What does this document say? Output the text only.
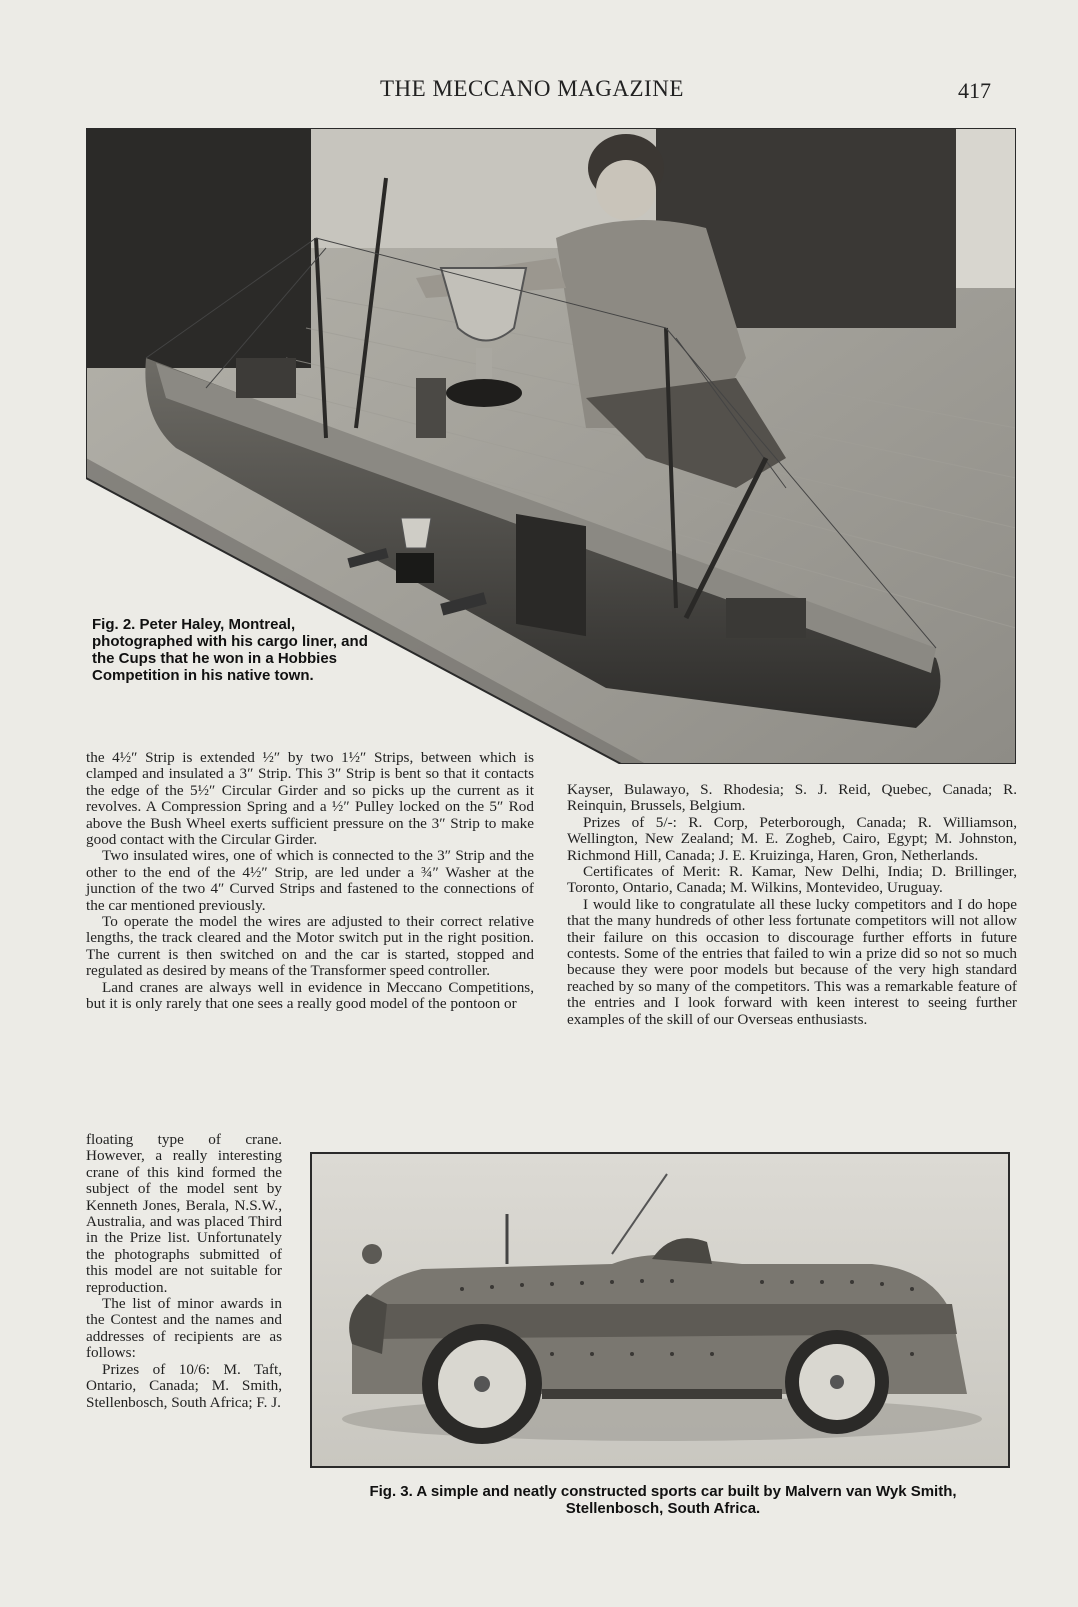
THE MECCANO MAGAZINE	417
Fig. 2. Peter Haley, Montreal, photographed with his cargo liner, and the Cups that he won in a Hobbies Competition in his native town.

the 4½″ Strip is extended ½″ by two 1½″ Strips, between which is clamped and insulated a 3″ Strip. This 3″ Strip is bent so that it contacts the edge of the 5½″ Circular Girder and so picks up the current as it revolves. A Compression Spring and a ½″ Pulley locked on the 5″ Rod above the Bush Wheel exerts sufficient pressure on the 3″ Strip to make good contact with the Circular Girder.

Two insulated wires, one of which is connected to the 3″ Strip and the other to the end of the 4½″ Strip, are led under a ¾″ Washer at the junction of the two 4″ Curved Strips and fastened to the connections of the car mentioned previously.

To operate the model the wires are adjusted to their correct relative lengths, the track cleared and the Motor switch put in the right position. The current is then switched on and the car is started, stopped and regulated as desired by means of the Transformer speed controller.

Land cranes are always well in evidence in Meccano Competitions, but it is only rarely that one sees a really good model of the pontoon or

floating type of crane. However, a really interesting crane of this kind formed the subject of the model sent by Kenneth Jones, Berala, N.S.W., Australia, and was placed Third in the Prize list. Unfortunately the photographs submitted of this model are not suitable for reproduction.

The list of minor awards in the Contest and the names and addresses of recipients are as follows:

Prizes of 10/6: M. Taft, Ontario, Canada; M. Smith, Stellenbosch, South Africa; F. J.

Kayser, Bulawayo, S. Rhodesia; S. J. Reid, Quebec, Canada; R. Reinquin, Brussels, Belgium.

Prizes of 5/-: R. Corp, Peterborough, Canada; R. Williamson, Wellington, New Zealand; M. E. Zogheb, Cairo, Egypt; M. Johnston, Richmond Hill, Canada; J. E. Kruizinga, Haren, Gron, Netherlands.

Certificates of Merit: R. Kamar, New Delhi, India; D. Brillinger, Toronto, Ontario, Canada; M. Wilkins, Montevideo, Uruguay.

I would like to congratulate all these lucky competitors and I do hope that the many hundreds of other less fortunate competitors will not allow their failure on this occasion to discourage further efforts in future contests. Some of the entries that failed to win a prize did so not so much because they were poor models but because of the very high standard reached by so many of the competitors. This was a remarkable feature of the entries and I look forward with keen interest to seeing further examples of the skill of our Overseas enthusiasts.

Fig. 3. A simple and neatly constructed sports car built by Malvern van Wyk Smith,
Stellenbosch, South Africa.
